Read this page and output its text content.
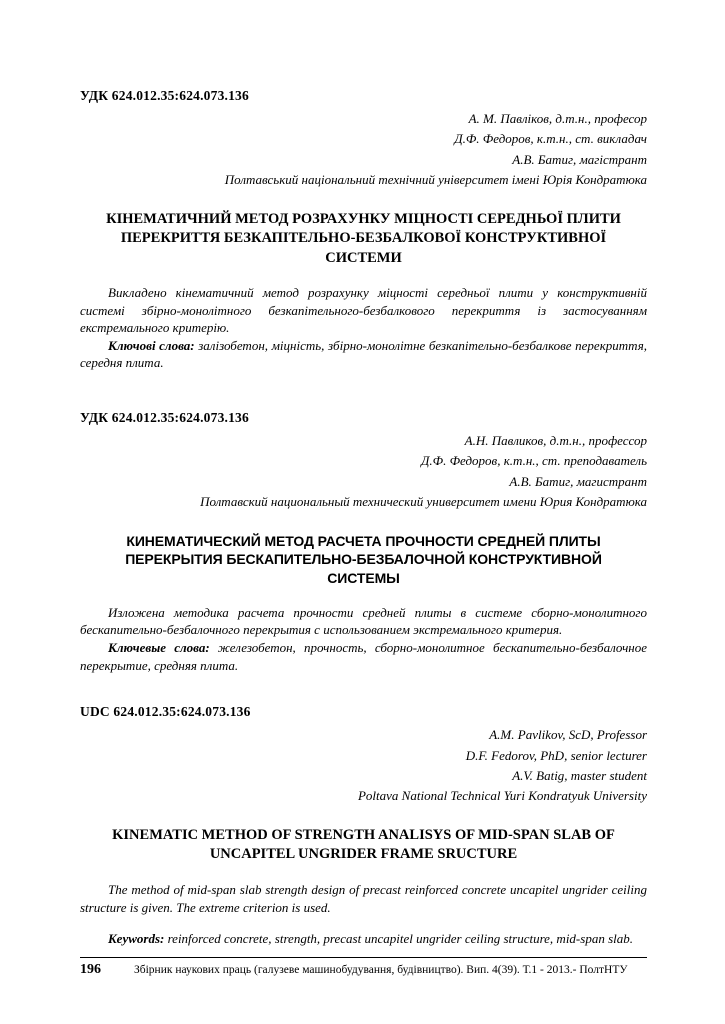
УДК 624.012.35:624.073.136
А. М. Павліков, д.т.н., професор
Д.Ф. Федоров, к.т.н., ст. викладач
А.В. Батиг, магістрант
Полтавський національний технічний університет імені Юрія Кондратюка
КІНЕМАТИЧНИЙ МЕТОД РОЗРАХУНКУ МІЦНОСТІ СЕРЕДНЬОЇ ПЛИТИ ПЕРЕКРИТТЯ БЕЗКАПІТЕЛЬНО-БЕЗБАЛКОВОЇ КОНСТРУКТИВНОЇ СИСТЕМИ

Викладено кінематичний метод розрахунку міцності середньої плити у конструктивній системі збірно-монолітного безкапітельного-безбалкового перекриття із застосуванням екстремального критерію.

Ключові слова: залізобетон, міцність, збірно-монолітне безкапітельно-безбалкове перекриття, середня плита.

УДК 624.012.35:624.073.136
А.Н. Павликов, д.т.н., профессор
Д.Ф. Федоров, к.т.н., ст. преподаватель
А.В. Батиг, магистрант
Полтавский национальный технический университет имени Юрия Кондратюка
КИНЕМАТИЧЕСКИЙ МЕТОД РАСЧЕТА ПРОЧНОСТИ СРЕДНЕЙ ПЛИТЫ ПЕРЕКРЫТИЯ БЕСКАПИТЕЛЬНО-БЕЗБАЛОЧНОЙ КОНСТРУКТИВНОЙ СИСТЕМЫ

Изложена методика расчета прочности средней плиты в системе сборно-монолитного бескапительно-безбалочного перекрытия с использованием экстремального критерия.

Ключевые слова: железобетон, прочность, сборно-монолитное бескапительно-безбалочное перекрытие, средняя плита.

UDC 624.012.35:624.073.136
A.M. Pavlikov, ScD, Professor
D.F. Fedorov, PhD, senior lecturer
A.V. Batig, master student
Poltava National Technical Yuri Kondratyuk University
KINEMATIC METHOD OF STRENGTH ANALISYS OF MID-SPAN SLAB OF UNCAPITEL UNGRIDER FRAME SRUCTURE

The method of mid-span slab strength design of precast reinforced concrete uncapitel ungrider ceiling structure is given. The extreme criterion is used.

Keywords: reinforced concrete, strength, precast uncapitel ungrider ceiling structure, mid-span slab.

196	Збірник наукових праць (галузеве машинобудування, будівництво). Вип. 4(39). Т.1 - 2013.- ПолтНТУ
